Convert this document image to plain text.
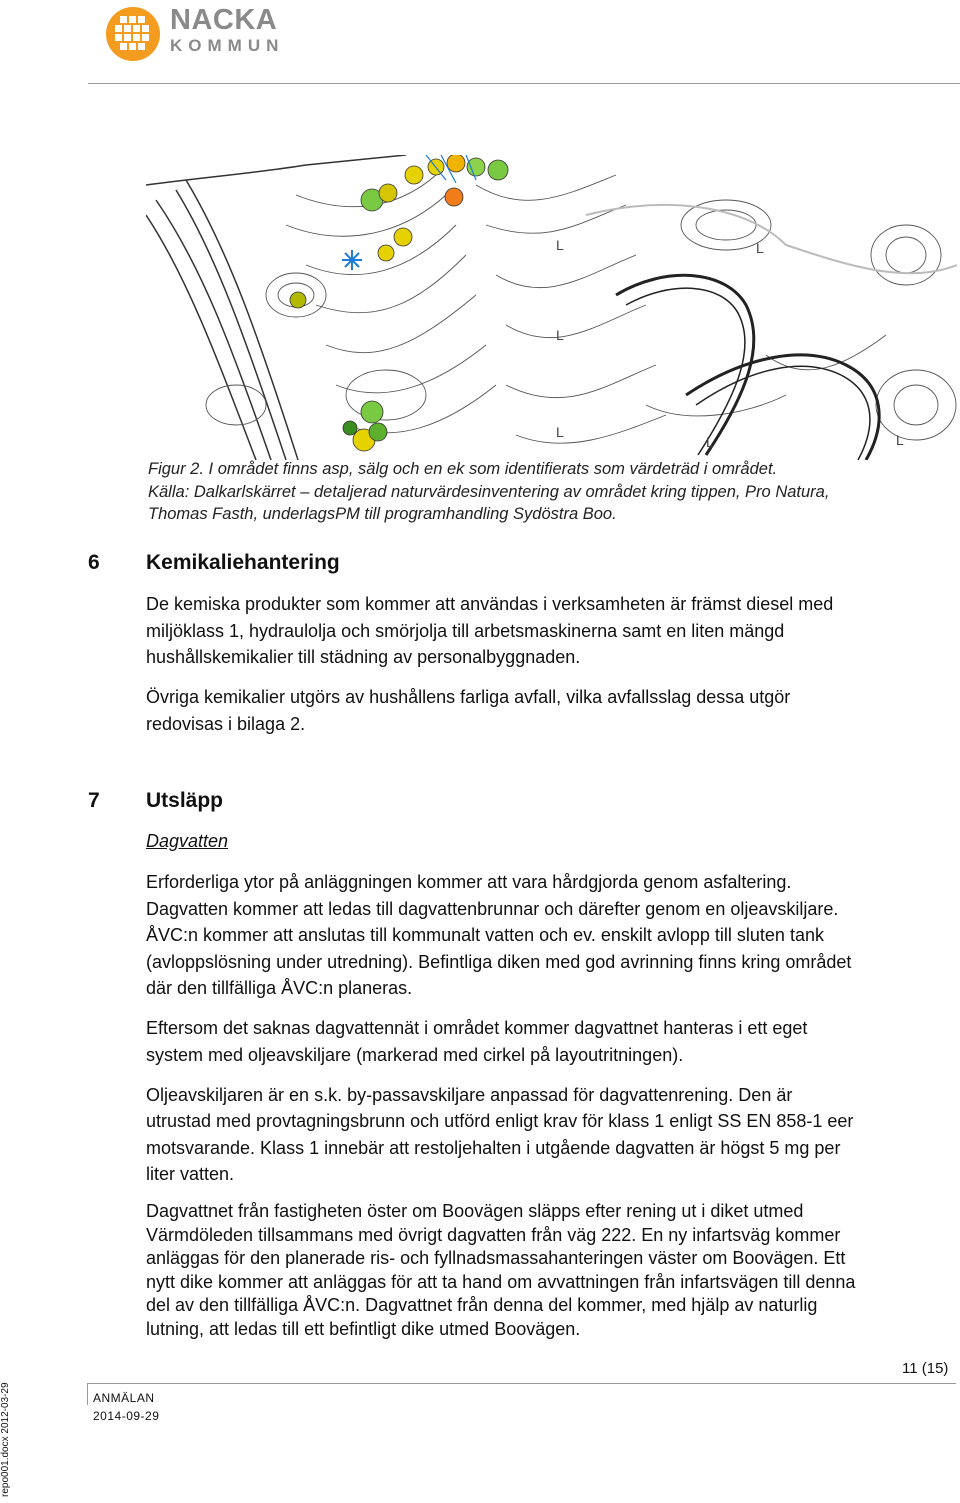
NACKA
KOMMUN
L	L
L
L
L	L
Figur 2. I området finns asp, sälg och en ek som identifierats som värdeträd i området.
Källa: Dalkarlskärret – detaljerad naturvärdesinventering av området kring tippen, Pro Natura,
Thomas Fasth, underlagsPM till programhandling Sydöstra Boo.
6 Kemikaliehantering
De kemiska produkter som kommer att användas i verksamheten är främst diesel med
miljöklass 1, hydraulolja och smörjolja till arbetsmaskinerna samt en liten mängd
hushållskemikalier till städning av personalbyggnaden.
Övriga kemikalier utgörs av hushållens farliga avfall, vilka avfallsslag dessa utgör
redovisas i bilaga 2.
7 Utsläpp
Dagvatten
Erforderliga ytor på anläggningen kommer att vara hårdgjorda genom asfaltering.
Dagvatten kommer att ledas till dagvattenbrunnar och därefter genom en oljeavskiljare.
ÅVC:n kommer att anslutas till kommunalt vatten och ev. enskilt avlopp till sluten tank
(avloppslösning under utredning). Befintliga diken med god avrinning finns kring området
där den tillfälliga ÅVC:n planeras.
Eftersom det saknas dagvattennät i området kommer dagvattnet hanteras i ett eget
system med oljeavskiljare (markerad med cirkel på layoutritningen).
Oljeavskiljaren är en s.k. by-passavskiljare anpassad för dagvattenrening. Den är
utrustad med provtagningsbrunn och utförd enligt krav för klass 1 enligt SS EN 858-1 eer
motsvarande. Klass 1 innebär att restoljehalten i utgående dagvatten är högst 5 mg per
liter vatten.
Dagvattnet från fastigheten öster om Boovägen släpps efter rening ut i diket utmed
Värmdöleden tillsammans med övrigt dagvatten från väg 222. En ny infartsväg kommer
anläggas för den planerade ris- och fyllnadsmassahanteringen väster om Boovägen. Ett
nytt dike kommer att anläggas för att ta hand om avvattningen från infartsvägen till denna
del av den tillfälliga ÅVC:n. Dagvattnet från denna del kommer, med hjälp av naturlig
lutning, att ledas till ett befintligt dike utmed Boovägen.
11 (15)
ANMÄLAN
2014-09-29
repo001.docx 2012-03-29
